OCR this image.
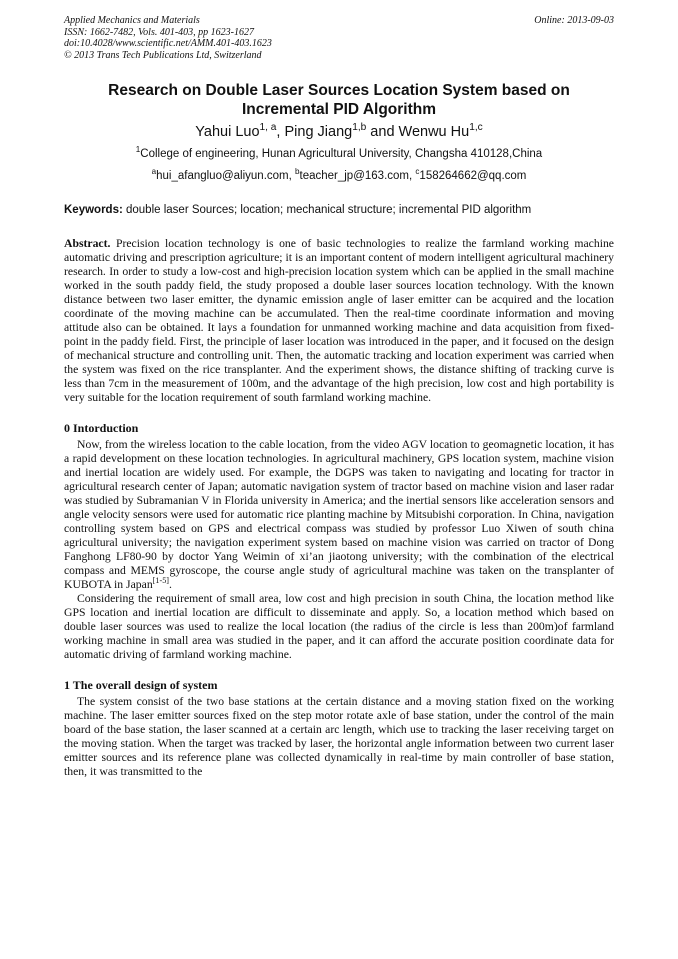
Applied Mechanics and Materials
ISSN: 1662-7482, Vols. 401-403, pp 1623-1627
doi:10.4028/www.scientific.net/AMM.401-403.1623
© 2013 Trans Tech Publications Ltd, Switzerland
Online: 2013-09-03
Research on Double Laser Sources Location System based on Incremental PID Algorithm
Yahui Luo$^{1, a}$, Ping Jiang$^{1,b}$ and Wenwu Hu$^{1,c}$
$^1$College of engineering, Hunan Agricultural University, Changsha 410128,China
$^a$hui_afangluo@aliyun.com, $^b$teacher_jp@163.com, $^c$158264662@qq.com
Keywords: double laser Sources; location; mechanical structure; incremental PID algorithm
Abstract. Precision location technology is one of basic technologies to realize the farmland working machine automatic driving and prescription agriculture; it is an important content of modern intelligent agricultural machinery research. In order to study a low-cost and high-precision location system which can be applied in the small machine worked in the south paddy field, the study proposed a double laser sources location technology. With the known distance between two laser emitter, the dynamic emission angle of laser emitter can be acquired and the location coordinate of the moving machine can be accumulated. Then the real-time coordinate information and moving attitude also can be obtained. It lays a foundation for unmanned working machine and data acquisition from fixed-point in the paddy field. First, the principle of laser location was introduced in the paper, and it focused on the design of mechanical structure and controlling unit. Then, the automatic tracking and location experiment was carried when the system was fixed on the rice transplanter. And the experiment shows, the distance shifting of tracking curve is less than 7cm in the measurement of 100m, and the advantage of the high precision, low cost and high portability is very suitable for the location requirement of south farmland working machine.
0 Intorduction

Now, from the wireless location to the cable location, from the video AGV location to geomagnetic location, it has a rapid development on these location technologies. In agricultural machinery, GPS location system, machine vision and inertial location are widely used. For example, the DGPS was taken to navigating and locating for tractor in agricultural research center of Japan; automatic navigation system of tractor based on machine vision and laser radar was studied by Subramanian V in Florida university in America; and the inertial sensors like acceleration sensors and angle velocity sensors were used for automatic rice planting machine by Mitsubishi corporation. In China, navigation controlling system based on GPS and electrical compass was studied by professor Luo Xiwen of south china agricultural university; the navigation experiment system based on machine vision was carried on tractor of Dong Fanghong LF80-90 by doctor Yang Weimin of xi’an jiaotong university; with the combination of the electrical compass and MEMS gyroscope, the course angle study of agricultural machine was taken on the transplanter of KUBOTA in Japan[1-5].

Considering the requirement of small area, low cost and high precision in south China, the location method like GPS location and inertial location are difficult to disseminate and apply. So, a location method which based on double laser sources was used to realize the local location (the radius of the circle is less than 200m)of farmland working machine in small area was studied in the paper, and it can afford the accurate position coordinate data for automatic driving of farmland working machine.

1 The overall design of system

The system consist of the two base stations at the certain distance and a moving station fixed on the working machine. The laser emitter sources fixed on the step motor rotate axle of base station, under the control of the main board of the base station, the laser scanned at a certain arc length, which use to tracking the laser receiving target on the moving station. When the target was tracked by laser, the horizontal angle information between two current laser emitter sources and its reference plane was collected dynamically in real-time by main controller of base station, then, it was transmitted to the
